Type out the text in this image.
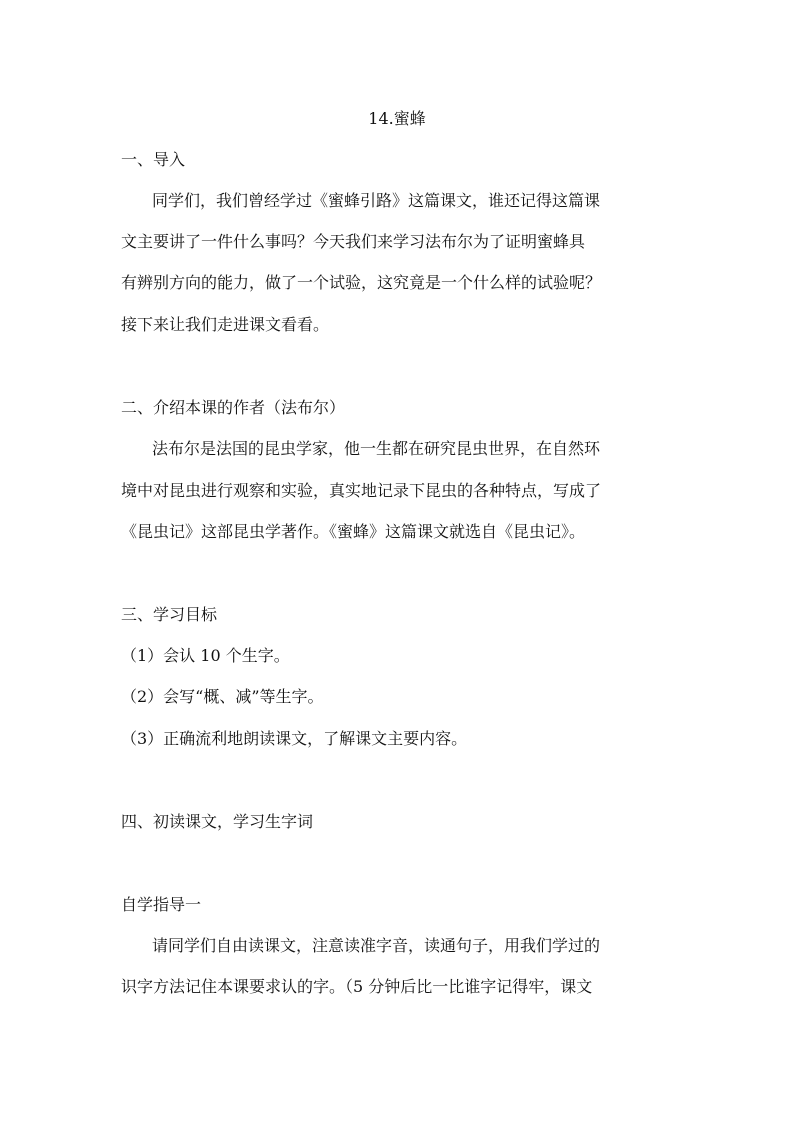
14.蜜蜂
一、导入
同学们，我们曾经学过《蜜蜂引路》这篇课文，谁还记得这篇课
文主要讲了一件什么事吗？今天我们来学习法布尔为了证明蜜蜂具
有辨别方向的能力，做了一个试验，这究竟是一个什么样的试验呢？
接下来让我们走进课文看看。
二、介绍本课的作者（法布尔）
法布尔是法国的昆虫学家，他一生都在研究昆虫世界，在自然环
境中对昆虫进行观察和实验，真实地记录下昆虫的各种特点，写成了
《昆虫记》这部昆虫学著作。《蜜蜂》这篇课文就选自《昆虫记》。
三、学习目标
（1）会认 10 个生字。
（2）会写“概、减”等生字。
（3）正确流利地朗读课文，了解课文主要内容。
四、初读课文，学习生字词
自学指导一
请同学们自由读课文，注意读准字音，读通句子，用我们学过的
识字方法记住本课要求认的字。（5 分钟后比一比谁字记得牢，课文
